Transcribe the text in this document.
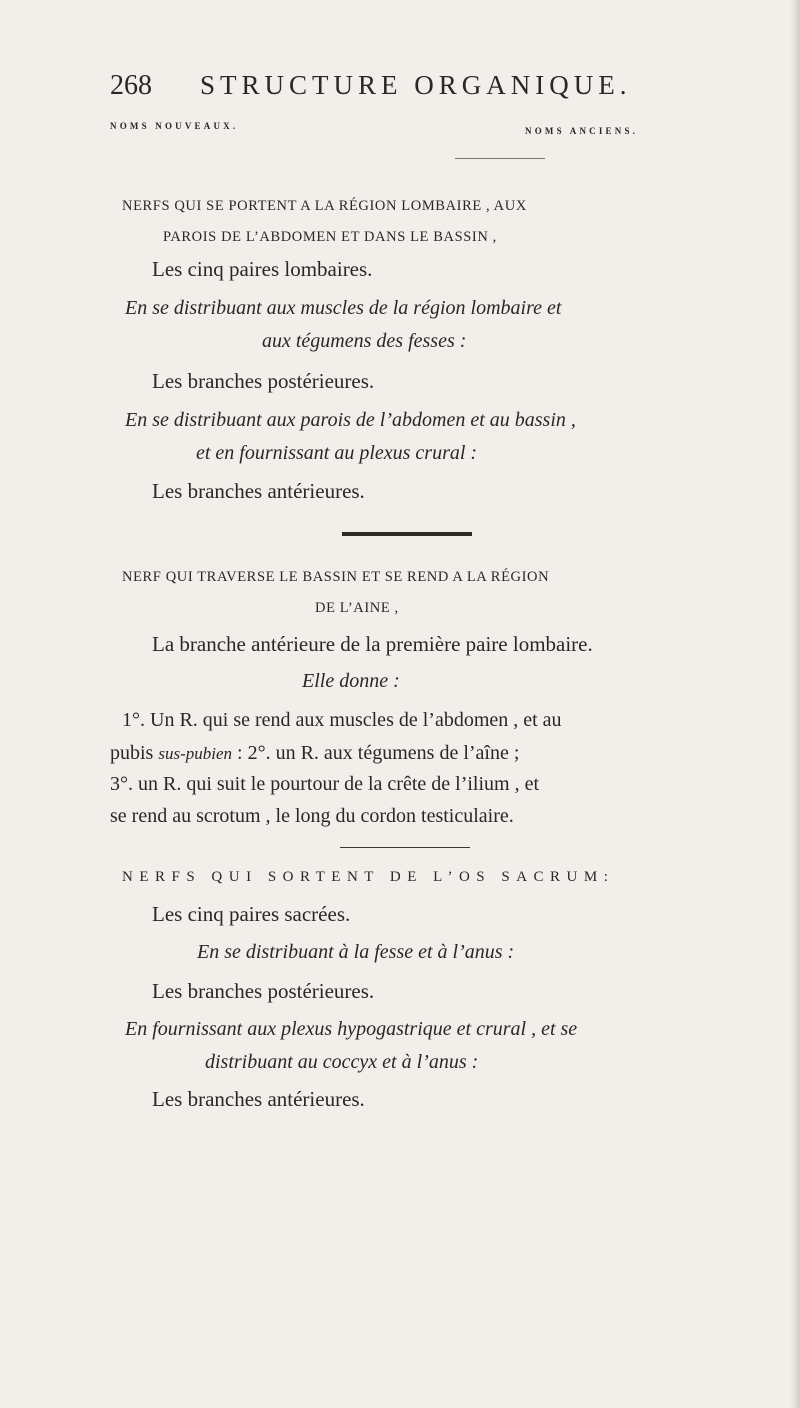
268 STRUCTURE ORGANIQUE.
NOMS NOUVEAUX.	NOMS ANCIENS.
NERFS QUI SE PORTENT A LA RÉGION LOMBAIRE , AUX
PAROIS DE L’ABDOMEN ET DANS LE BASSIN ,
Les cinq paires lombaires.
En se distribuant aux muscles de la région lombaire et
aux tégumens des fesses :
Les branches postérieures.
En se distribuant aux parois de l’abdomen et au bassin ,
et en fournissant au plexus crural :
Les branches antérieures.
NERF QUI TRAVERSE LE BASSIN ET SE REND A LA RÉGION
DE L’AINE ,
La branche antérieure de la première paire lombaire.
Elle donne :
1°. Un R. qui se rend aux muscles de l’abdomen , et au
pubis sus-pubien : 2°. un R. aux tégumens de l’aîne ;
3°. un R. qui suit le pourtour de la crête de l’ilium , et
se rend au scrotum , le long du cordon testiculaire.
NERFS QUI SORTENT DE L’OS SACRUM:
Les cinq paires sacrées.
En se distribuant à la fesse et à l’anus :
Les branches postérieures.
En fournissant aux plexus hypogastrique et crural , et se
distribuant au coccyx et à l’anus :
Les branches antérieures.
